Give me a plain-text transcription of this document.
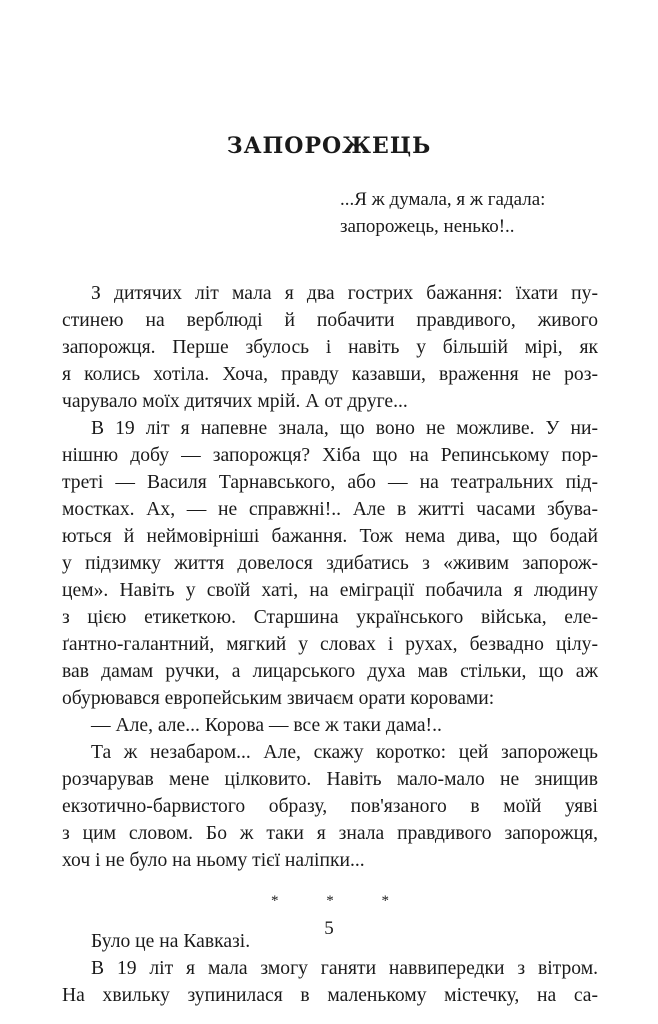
ЗАПОРОЖЕЦЬ
...Я ж думала, я ж гадала:
запорожець, ненько!..
З дитячих літ мала я два гострих бажання: їхати пу-
стинею на верблюді й побачити правдивого, живого
запорожця. Перше збулось і навіть у більшій мірі, як
я колись хотіла. Хоча, правду казавши, враження не роз-
чарувало моїх дитячих мрій. А от друге...
В 19 літ я напевне знала, що воно не можливе. У ни-
нішню добу — запорожця? Хіба що на Репинському пор-
треті — Василя Тарнавського, або — на театральних під-
мостках. Ах, — не справжні!.. Але в житті часами збува-
ються й неймовірніші бажання. Тож нема дива, що бодай
у підзимку життя довелося здибатись з «живим запорож-
цем». Навіть у своїй хаті, на еміграції побачила я людину
з цією етикеткою. Старшина українського війська, еле-
ґантно-галантний, мягкий у словах і рухах, безвадно цілу-
вав дамам ручки, а лицарського духа мав стільки, що аж
обурювався европейським звичаєм орати коровами:
— Але, але... Корова — все ж таки дама!..
Та ж незабаром... Але, скажу коротко: цей запорожець
розчарував мене цілковито. Навіть мало-мало не знищив
екзотично-барвистого образу, пов'язаного в моїй уяві
з цим словом. Бо ж таки я знала правдивого запорожця,
хоч і не було на ньому тієї наліпки...
* * *
Було це на Кавказі.
В 19 літ я мала змогу ганяти наввипередки з вітром.
На хвильку зупинилася в маленькому містечку, на са-
5
